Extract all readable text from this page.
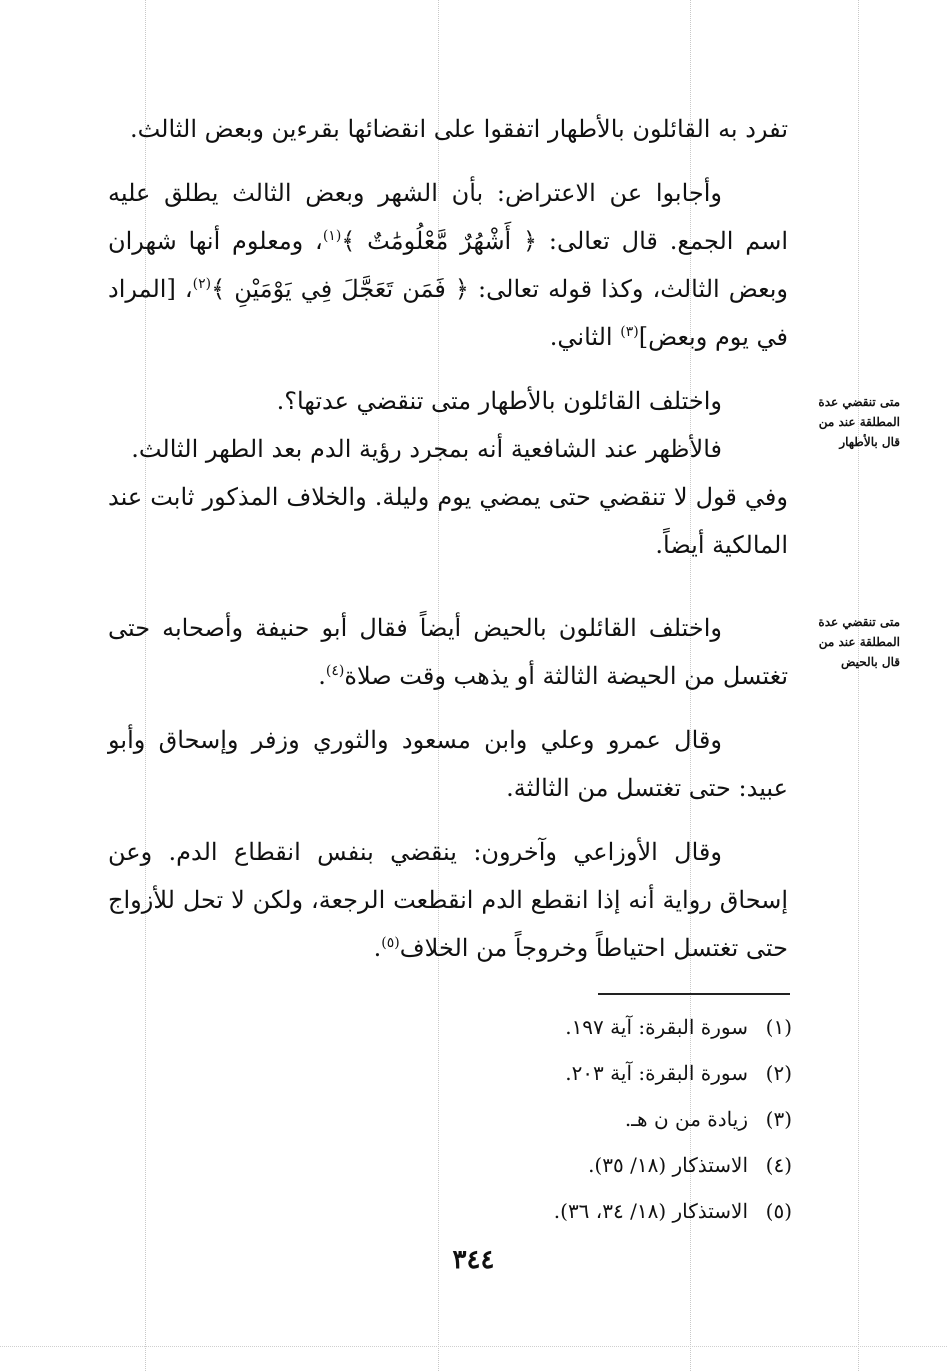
تفرد به القائلون بالأطهار اتفقوا على انقضائها بقرءين وبعض الثالث.

وأجابوا عن الاعتراض: بأن الشهر وبعض الثالث يطلق عليه اسم الجمع. قال تعالى: ﴿ أَشْهُرٌ مَّعْلُومَٰتٌ ﴾$^{(١)}$، ومعلوم أنها شهران وبعض الثالث، وكذا قوله تعالى: ﴿ فَمَن تَعَجَّلَ فِي يَوْمَيْنِ ﴾$^{(٢)}$، [المراد في يوم وبعض]$^{(٣)}$ الثاني.

واختلف القائلون بالأطهار متى تنقضي عدتها؟.

فالأظهر عند الشافعية أنه بمجرد رؤية الدم بعد الطهر الثالث.

وفي قول لا تنقضي حتى يمضي يوم وليلة. والخلاف المذكور ثابت عند المالكية أيضاً.

واختلف القائلون بالحيض أيضاً فقال أبو حنيفة وأصحابه حتى تغتسل من الحيضة الثالثة أو يذهب وقت صلاة$^{(٤)}$.

وقال عمرو وعلي وابن مسعود والثوري وزفر وإسحاق وأبو عبيد: حتى تغتسل من الثالثة.

وقال الأوزاعي وآخرون: ينقضي بنفس انقطاع الدم. وعن إسحاق رواية أنه إذا انقطع الدم انقطعت الرجعة، ولكن لا تحل للأزواج حتى تغتسل احتياطاً وخروجاً من الخلاف$^{(٥)}$.

متى تنقضي عدة المطلقة عند من قال بالأطهار
متى تنقضي عدة المطلقة عند من قال بالحيض
(١)
سورة البقرة: آية ١٩٧.
(٢)
سورة البقرة: آية ٢٠٣.
(٣)
زيادة من ن هـ.
(٤)
الاستذكار (١٨/ ٣٥).
(٥)
الاستذكار (١٨/ ٣٤، ٣٦).
٣٤٤
